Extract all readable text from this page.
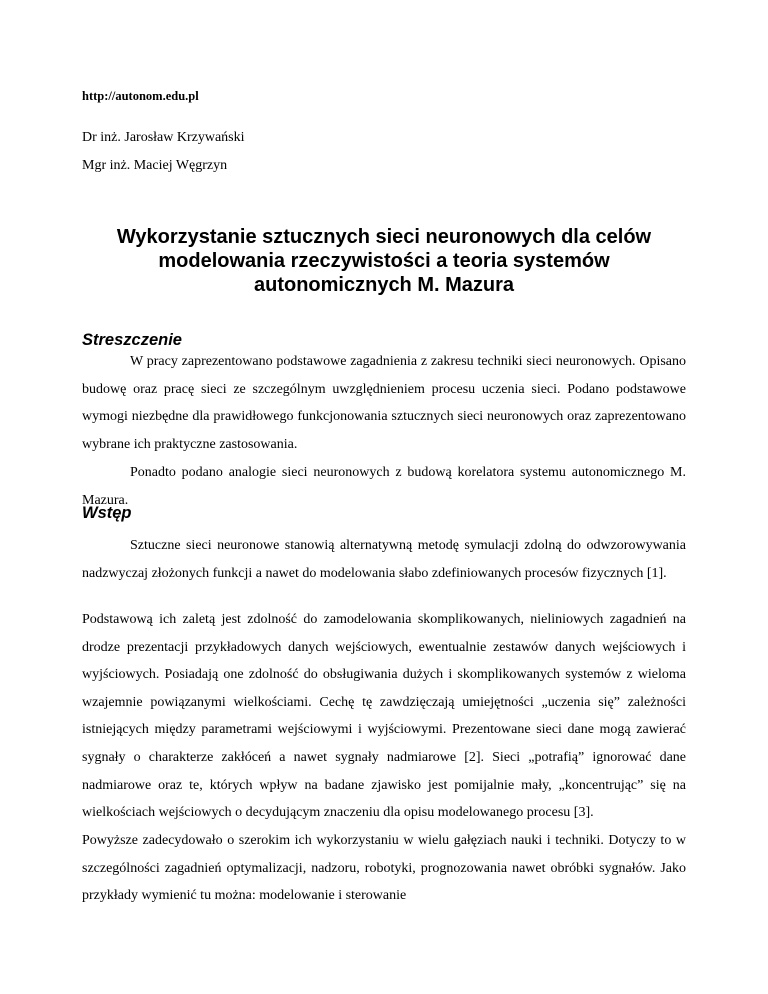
http://autonom.edu.pl
Dr inż. Jarosław Krzywański
Mgr inż. Maciej Węgrzyn
Wykorzystanie sztucznych sieci neuronowych dla celów modelowania rzeczywistości a teoria systemów autonomicznych M. Mazura
Streszczenie
W pracy zaprezentowano podstawowe zagadnienia z zakresu techniki sieci neuronowych. Opisano budowę oraz pracę sieci ze szczególnym uwzględnieniem procesu uczenia sieci. Podano podstawowe wymogi niezbędne dla prawidłowego funkcjonowania sztucznych sieci neuronowych oraz zaprezentowano wybrane ich praktyczne zastosowania.
Ponadto podano analogie sieci neuronowych z budową korelatora systemu autonomicznego M. Mazura.
Wstęp
Sztuczne sieci neuronowe stanowią alternatywną metodę symulacji zdolną do odwzorowywania nadzwyczaj złożonych funkcji a nawet do modelowania słabo zdefiniowanych procesów fizycznych [1].
Podstawową ich zaletą jest zdolność do zamodelowania skomplikowanych, nieliniowych zagadnień na drodze prezentacji przykładowych danych wejściowych, ewentualnie zestawów danych wejściowych i wyjściowych. Posiadają one zdolność do obsługiwania dużych i skomplikowanych systemów z wieloma wzajemnie powiązanymi wielkościami. Cechę tę zawdzięczają umiejętności „uczenia się” zależności istniejących między parametrami wejściowymi i wyjściowymi. Prezentowane sieci dane mogą zawierać sygnały o charakterze zakłóceń a nawet sygnały nadmiarowe [2]. Sieci „potrafią” ignorować dane nadmiarowe oraz te, których wpływ na badane zjawisko jest pomijalnie mały, „koncentrując” się na wielkościach wejściowych o decydującym znaczeniu dla opisu modelowanego procesu [3].
Powyższe zadecydowało o szerokim ich wykorzystaniu w wielu gałęziach nauki i techniki. Dotyczy to w szczególności zagadnień optymalizacji, nadzoru, robotyki, prognozowania nawet obróbki sygnałów. Jako przykłady wymienić tu można: modelowanie i sterowanie
